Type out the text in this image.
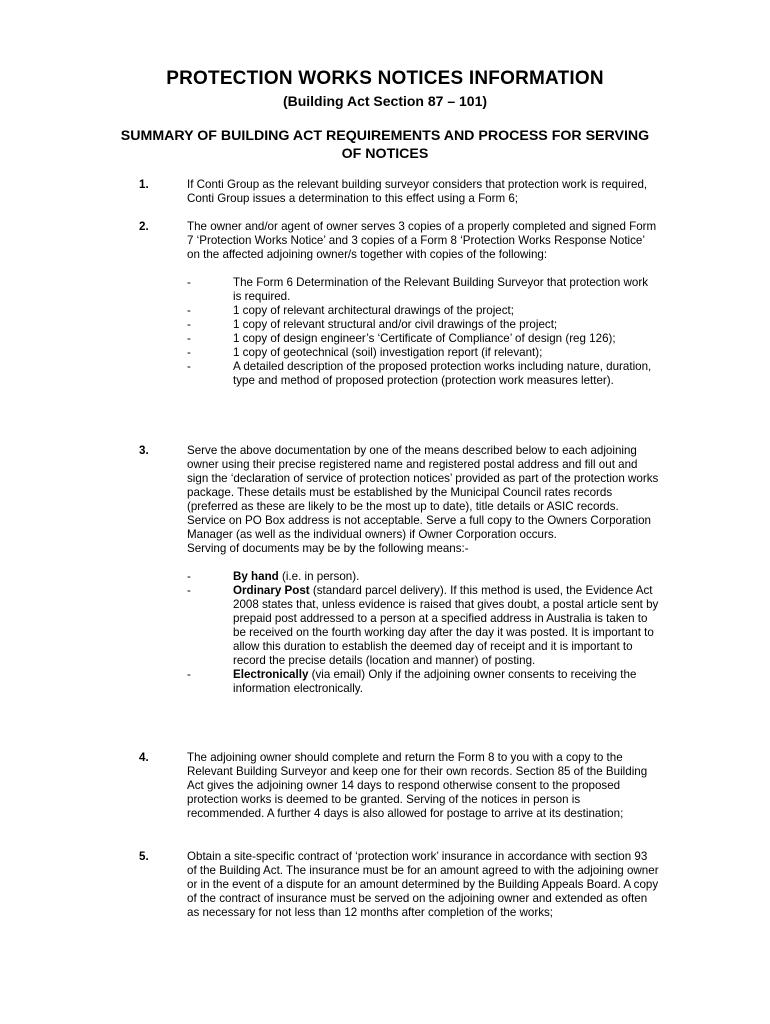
PROTECTION WORKS NOTICES INFORMATION
(Building Act Section 87 – 101)
SUMMARY OF BUILDING ACT REQUIREMENTS AND PROCESS FOR SERVING OF NOTICES
1.	If Conti Group as the relevant building surveyor considers that protection work is required, Conti Group issues a determination to this effect using a Form 6;

2.	The owner and/or agent of owner serves 3 copies of a properly completed and signed Form 7 ‘Protection Works Notice’ and 3 copies of a Form 8 ‘Protection Works Response Notice’ on the affected adjoining owner/s together with copies of the following:

-	The Form 6 Determination of the Relevant Building Surveyor that protection work is required.
-	1 copy of relevant architectural drawings of the project;
-	1 copy of relevant structural and/or civil drawings of the project;
-	1 copy of design engineer’s ‘Certificate of Compliance’ of design (reg 126);
-	1 copy of geotechnical (soil) investigation report (if relevant);
-	A detailed description of the proposed protection works including nature, duration, type and method of proposed protection (protection work measures letter).
3.	Serve the above documentation by one of the means described below to each adjoining owner using their precise registered name and registered postal address and fill out and sign the ‘declaration of service of protection notices’ provided as part of the protection works package. These details must be established by the Municipal Council rates records (preferred as these are likely to be the most up to date), title details or ASIC records. Service on PO Box address is not acceptable. Serve a full copy to the Owners Corporation Manager (as well as the individual owners) if Owner Corporation occurs.

Serving of documents may be by the following means:-

-	By hand (i.e. in person).
-	Ordinary Post (standard parcel delivery). If this method is used, the Evidence Act 2008 states that, unless evidence is raised that gives doubt, a postal article sent by prepaid post addressed to a person at a specified address in Australia is taken to be received on the fourth working day after the day it was posted. It is important to allow this duration to establish the deemed day of receipt and it is important to record the precise details (location and manner) of posting.
-	Electronically (via email) Only if the adjoining owner consents to receiving the information electronically.
4.	The adjoining owner should complete and return the Form 8 to you with a copy to the Relevant Building Surveyor and keep one for their own records. Section 85 of the Building Act gives the adjoining owner 14 days to respond otherwise consent to the proposed protection works is deemed to be granted. Serving of the notices in person is recommended. A further 4 days is also allowed for postage to arrive at its destination;

5.	Obtain a site-specific contract of ‘protection work’ insurance in accordance with section 93 of the Building Act. The insurance must be for an amount agreed to with the adjoining owner or in the event of a dispute for an amount determined by the Building Appeals Board. A copy of the contract of insurance must be served on the adjoining owner and extended as often as necessary for not less than 12 months after completion of the works;
